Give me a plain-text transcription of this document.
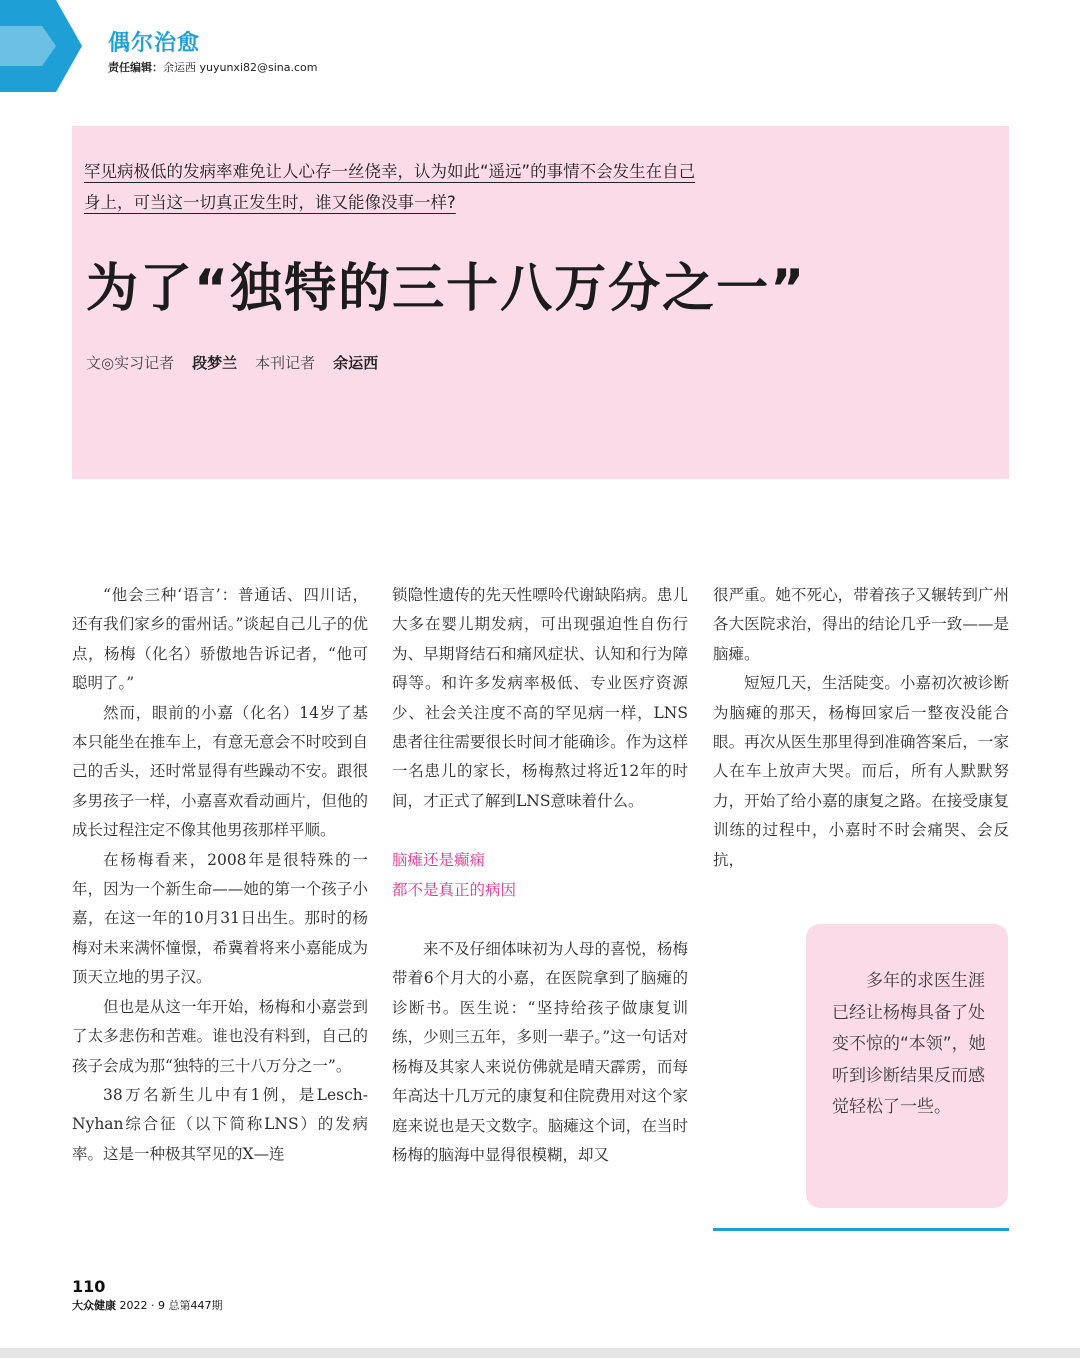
偶尔治愈
责任编辑：余运西 yuyunxi82@sina.com
罕见病极低的发病率难免让人心存一丝侥幸，认为如此“遥远”的事情不会发生在自己身上，可当这一切真正发生时，谁又能像没事一样?
为了“独特的三十八万分之一”
文◎实习记者 段梦兰 本刊记者 余运西

“他会三种‘语言’：普通话、四川话，还有我们家乡的雷州话。”谈起自己儿子的优点，杨梅（化名）骄傲地告诉记者，“他可聪明了。”

然而，眼前的小嘉（化名）14岁了基本只能坐在推车上，有意无意会不时咬到自己的舌头，还时常显得有些躁动不安。跟很多男孩子一样，小嘉喜欢看动画片，但他的成长过程注定不像其他男孩那样平顺。

在杨梅看来，2008年是很特殊的一年，因为一个新生命——她的第一个孩子小嘉，在这一年的10月31日出生。那时的杨梅对未来满怀憧憬，希冀着将来小嘉能成为顶天立地的男子汉。

但也是从这一年开始，杨梅和小嘉尝到了太多悲伤和苦难。谁也没有料到，自己的孩子会成为那“独特的三十八万分之一”。

38万名新生儿中有1例，是Lesch-Nyhan综合征（以下简称LNS）的发病率。这是一种极其罕见的X—连

锁隐性遗传的先天性嘌呤代谢缺陷病。患儿大多在婴儿期发病，可出现强迫性自伤行为、早期肾结石和痛风症状、认知和行为障碍等。和许多发病率极低、专业医疗资源少、社会关注度不高的罕见病一样，LNS患者往往需要很长时间才能确诊。作为这样一名患儿的家长，杨梅熬过将近12年的时间，才正式了解到LNS意味着什么。

脑瘫还是癫痫
都不是真正的病因

来不及仔细体味初为人母的喜悦，杨梅带着6个月大的小嘉，在医院拿到了脑瘫的诊断书。医生说：“坚持给孩子做康复训练，少则三五年，多则一辈子。”这一句话对杨梅及其家人来说仿佛就是晴天霹雳，而每年高达十几万元的康复和住院费用对这个家庭来说也是天文数字。脑瘫这个词，在当时杨梅的脑海中显得很模糊，却又

很严重。她不死心，带着孩子又辗转到广州各大医院求治，得出的结论几乎一致——是脑瘫。

短短几天，生活陡变。小嘉初次被诊断为脑瘫的那天，杨梅回家后一整夜没能合眼。再次从医生那里得到准确答案后，一家人在车上放声大哭。而后，所有人默默努力，开始了给小嘉的康复之路。在接受康复训练的过程中，小嘉时不时会痛哭、会反抗，

多年的求医生涯已经让杨梅具备了处变不惊的“本领”，她听到诊断结果反而感觉轻松了一些。

110
大众健康 2022 · 9 总第447期
